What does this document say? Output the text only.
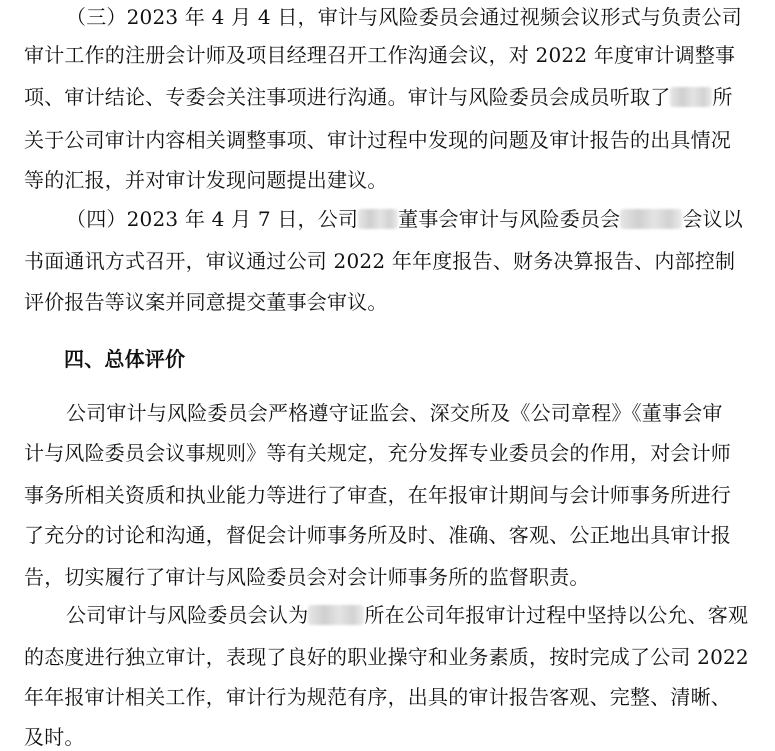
（三）2023 年 4 月 4 日，审计与风险委员会通过视频会议形式与负责公司
审计工作的注册会计师及项目经理召开工作沟通会议，对 2022 年度审计调整事
项、审计结论、专委会关注事项进行沟通。审计与风险委员会成员听取了 所
关于公司审计内容相关调整事项、审计过程中发现的问题及审计报告的出具情况
等的汇报，并对审计发现问题提出建议。
（四）2023 年 4 月 7 日，公司 董事会审计与风险委员会	会议以
书面通讯方式召开，审议通过公司 2022 年年度报告、财务决算报告、内部控制
评价报告等议案并同意提交董事会审议。
四、总体评价
公司审计与风险委员会严格遵守证监会、深交所及《公司章程》《董事会审
计与风险委员会议事规则》等有关规定，充分发挥专业委员会的作用，对会计师
事务所相关资质和执业能力等进行了审查，在年报审计期间与会计师事务所进行
了充分的讨论和沟通，督促会计师事务所及时、准确、客观、公正地出具审计报
告，切实履行了审计与风险委员会对会计师事务所的监督职责。
公司审计与风险委员会认为	所在公司年报审计过程中坚持以公允、客观
的态度进行独立审计，表现了良好的职业操守和业务素质，按时完成了公司 2022
年年报审计相关工作，审计行为规范有序，出具的审计报告客观、完整、清晰、
及时。
